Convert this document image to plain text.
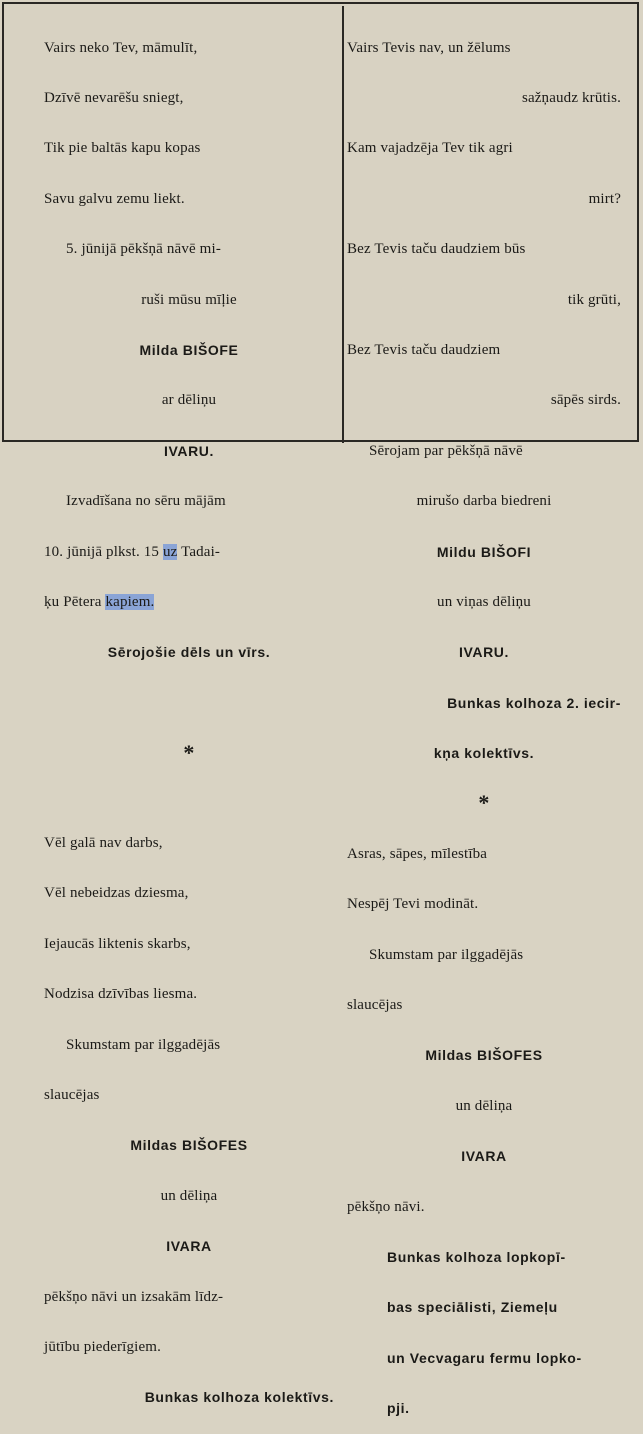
Vairs neko Tev, māmulīt,

Dzīvē nevarēšu sniegt,

Tik pie baltās kapu kopas

Savu galvu zemu liekt.

5. jūnijā pēkšņā nāvē mi-

ruši mūsu mīļie

Milda BIŠOFE

ar dēliņu

IVARU.

Izvadīšana no sēru mājām

10. jūnijā plkst. 15 uz Tadai-

ķu Pētera kapiem.

Sērojošie dēls un vīrs.

*

Vēl galā nav darbs,

Vēl nebeidzas dziesma,

Iejaucās liktenis skarbs,

Nodzisa dzīvības liesma.

Skumstam par ilggadējās

slaucējas

Mildas BIŠOFES

un dēliņa

IVARA

pēkšņo nāvi un izsakām līdz-

jūtību piederīgiem.

Bunkas kolhoza kolektīvs.

Vairs Tevis nav, un žēlums

sažņaudz krūtis.

Kam vajadzēja Tev tik agri

mirt?

Bez Tevis taču daudziem būs

tik grūti,

Bez Tevis taču daudziem

sāpēs sirds.

Sērojam par pēkšņā nāvē

mirušo darba biedreni

Mildu BIŠOFI

un viņas dēliņu

IVARU.

Bunkas kolhoza 2. iecir-

kņa kolektīvs.

*

Asras, sāpes, mīlestība

Nespēj Tevi modināt.

Skumstam par ilggadējās

slaucējas

Mildas BIŠOFES

un dēliņa

IVARA

pēkšņo nāvi.

Bunkas kolhoza lopkopī-

bas speciālisti, Ziemeļu

un Vecvagaru fermu lopko-

pji.
